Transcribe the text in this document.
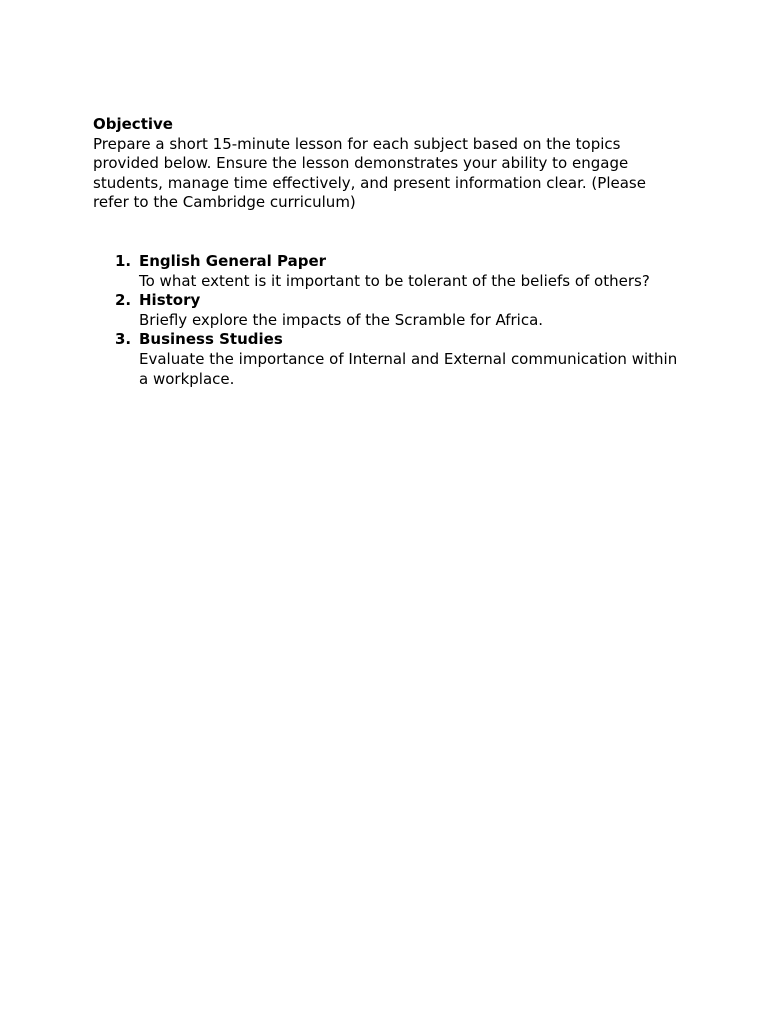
Objective

Prepare a short 15-minute lesson for each subject based on the topics provided below. Ensure the lesson demonstrates your ability to engage students, manage time effectively, and present information clear. (Please refer to the Cambridge curriculum)

1. English General Paper
To what extent is it important to be tolerant of the beliefs of others?
2. History
Briefly explore the impacts of the Scramble for Africa.
3. Business Studies
Evaluate the importance of Internal and External communication within a workplace.
